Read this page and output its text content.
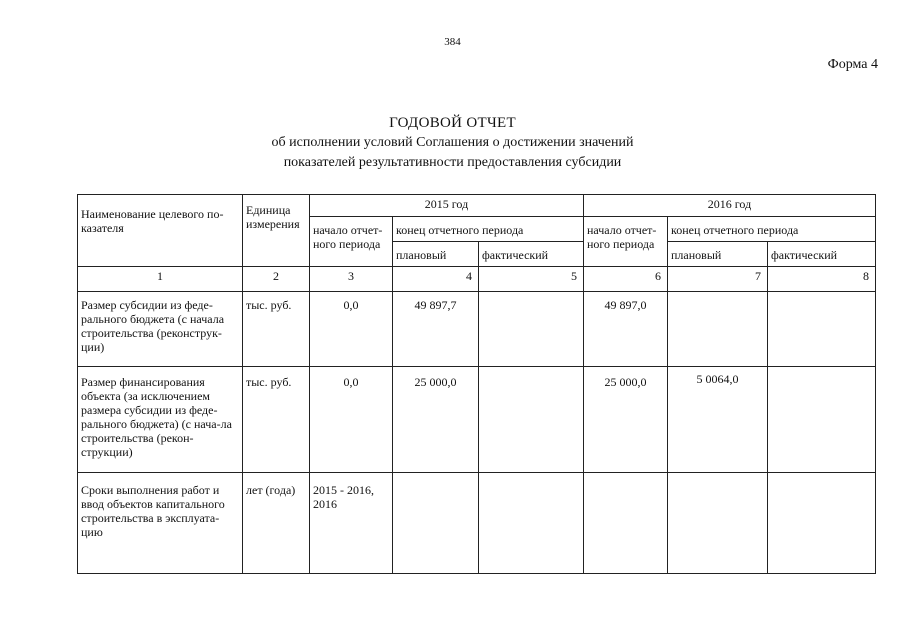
384
Форма 4
ГОДОВОЙ ОТЧЕТ
об исполнении условий Соглашения о достижении значений
показателей результативности предоставления субсидии
Наименование целевого по-казателя	Единица измерения	2015 год			2016 год		
		начало отчет-ного периода	конец отчетного периода		начало отчет-ного периода	конец отчетного периода	
			плановый	фактический		плановый	фактический
1	2	3	4	5	6	7	8
Размер субсидии из феде-рального бюджета (с начала строительства (реконструк-ции)	тыс. руб.	0,0	49 897,7		49 897,0		
Размер финансирования объекта (за исключением размера субсидии из феде-рального бюджета) (с нача-ла строительства (рекон-струкции)	тыс. руб.	0,0	25 000,0		25 000,0	5 0064,0	
Сроки выполнения работ и ввод объектов капитального строительства в эксплуата-цию	лет (года)	2015 - 2016, 2016					
